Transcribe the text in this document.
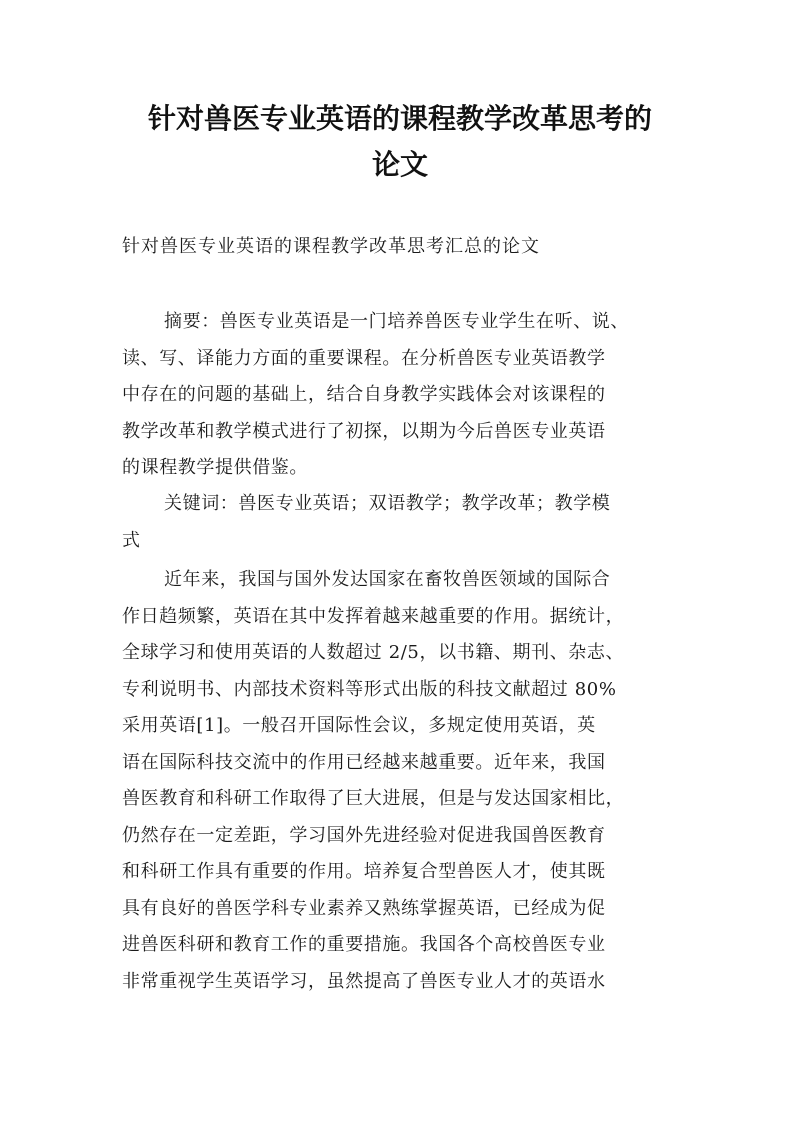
针对兽医专业英语的课程教学改革思考的
论文
针对兽医专业英语的课程教学改革思考汇总的论文
摘要：兽医专业英语是一门培养兽医专业学生在听、说、
读、写、译能力方面的重要课程。在分析兽医专业英语教学
中存在的问题的基础上，结合自身教学实践体会对该课程的
教学改革和教学模式进行了初探，以期为今后兽医专业英语
的课程教学提供借鉴。
关键词：兽医专业英语；双语教学；教学改革；教学模
式
近年来，我国与国外发达国家在畜牧兽医领域的国际合
作日趋频繁，英语在其中发挥着越来越重要的作用。据统计，
全球学习和使用英语的人数超过 2/5，以书籍、期刊、杂志、
专利说明书、内部技术资料等形式出版的科技文献超过 80%
采用英语[1]。一般召开国际性会议，多规定使用英语，英
语在国际科技交流中的作用已经越来越重要。近年来，我国
兽医教育和科研工作取得了巨大进展，但是与发达国家相比，
仍然存在一定差距，学习国外先进经验对促进我国兽医教育
和科研工作具有重要的作用。培养复合型兽医人才，使其既
具有良好的兽医学科专业素养又熟练掌握英语，已经成为促
进兽医科研和教育工作的重要措施。我国各个高校兽医专业
非常重视学生英语学习，虽然提高了兽医专业人才的英语水
